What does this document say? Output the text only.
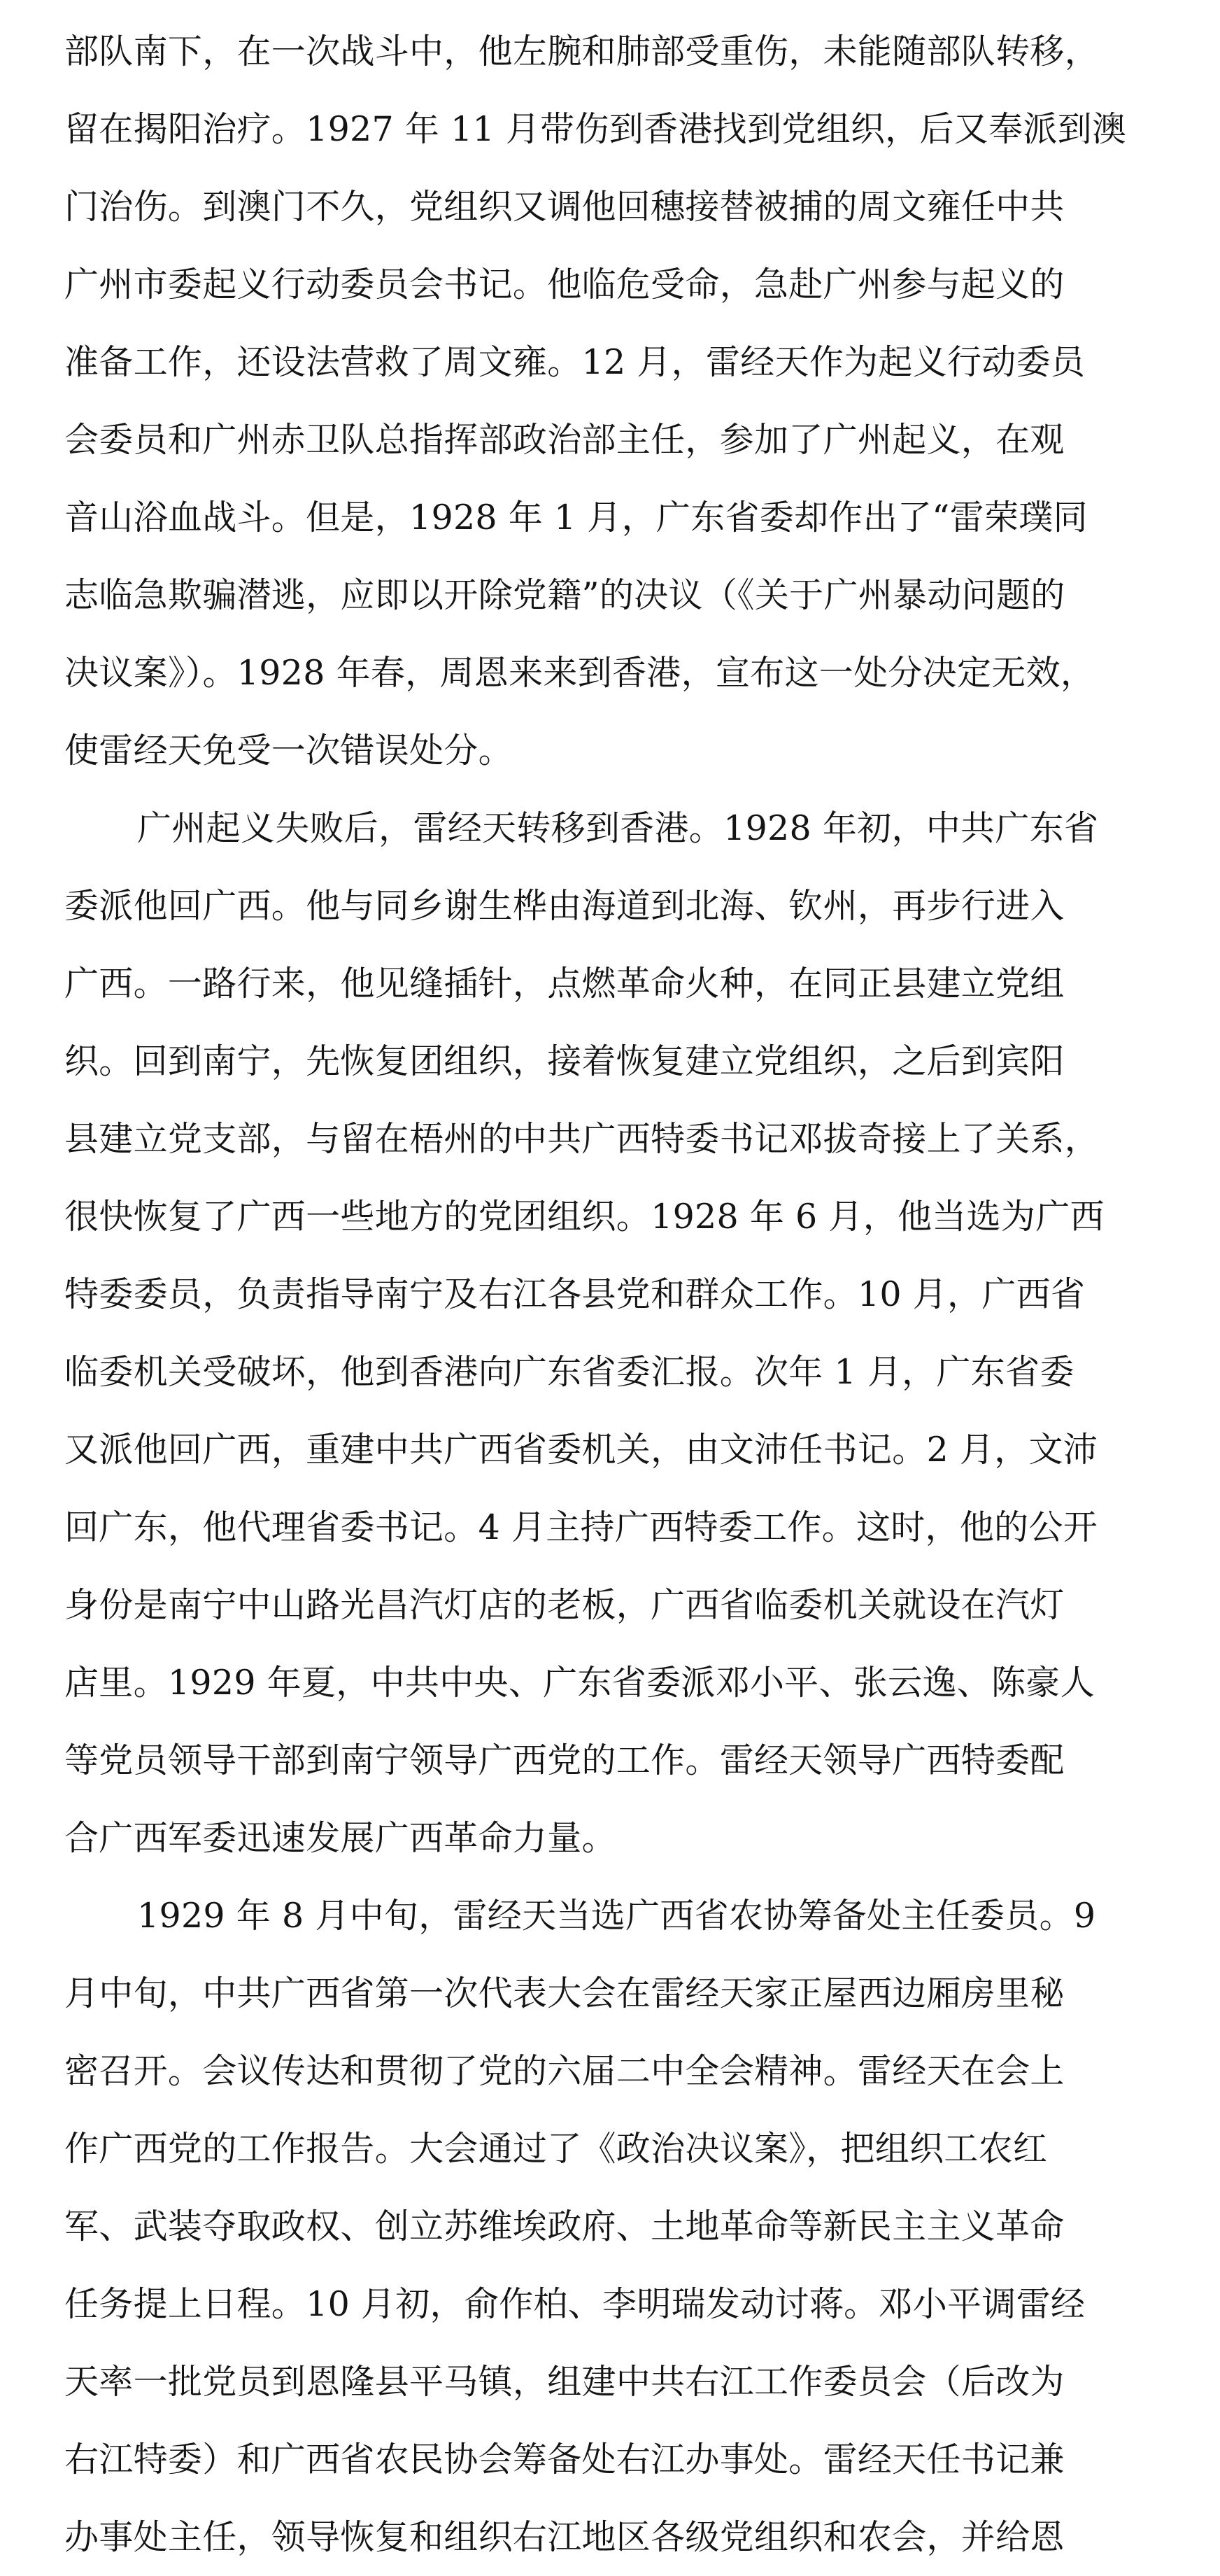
部队南下，在一次战斗中，他左腕和肺部受重伤，未能随部队转移，
留在揭阳治疗。1927 年 11 月带伤到香港找到党组织，后又奉派到澳
门治伤。到澳门不久，党组织又调他回穗接替被捕的周文雍任中共
广州市委起义行动委员会书记。他临危受命，急赴广州参与起义的
准备工作，还设法营救了周文雍。12 月，雷经天作为起义行动委员
会委员和广州赤卫队总指挥部政治部主任，参加了广州起义，在观
音山浴血战斗。但是，1928 年 1 月，广东省委却作出了“雷荣璞同
志临急欺骗潜逃，应即以开除党籍”的决议（《关于广州暴动问题的
决议案》）。1928 年春，周恩来来到香港，宣布这一处分决定无效，
使雷经天免受一次错误处分。
广州起义失败后，雷经天转移到香港。1928 年初，中共广东省
委派他回广西。他与同乡谢生桦由海道到北海、钦州，再步行进入
广西。一路行来，他见缝插针，点燃革命火种，在同正县建立党组
织。回到南宁，先恢复团组织，接着恢复建立党组织，之后到宾阳
县建立党支部，与留在梧州的中共广西特委书记邓拔奇接上了关系，
很快恢复了广西一些地方的党团组织。1928 年 6 月，他当选为广西
特委委员，负责指导南宁及右江各县党和群众工作。10 月，广西省
临委机关受破坏，他到香港向广东省委汇报。次年 1 月，广东省委
又派他回广西，重建中共广西省委机关，由文沛任书记。2 月，文沛
回广东，他代理省委书记。4 月主持广西特委工作。这时，他的公开
身份是南宁中山路光昌汽灯店的老板，广西省临委机关就设在汽灯
店里。1929 年夏，中共中央、广东省委派邓小平、张云逸、陈豪人
等党员领导干部到南宁领导广西党的工作。雷经天领导广西特委配
合广西军委迅速发展广西革命力量。
1929 年 8 月中旬，雷经天当选广西省农协筹备处主任委员。9
月中旬，中共广西省第一次代表大会在雷经天家正屋西边厢房里秘
密召开。会议传达和贯彻了党的六届二中全会精神。雷经天在会上
作广西党的工作报告。大会通过了《政治决议案》，把组织工农红
军、武装夺取政权、创立苏维埃政府、土地革命等新民主主义革命
任务提上日程。10 月初，俞作柏、李明瑞发动讨蒋。邓小平调雷经
天率一批党员到恩隆县平马镇，组建中共右江工作委员会（后改为
右江特委）和广西省农民协会筹备处右江办事处。雷经天任书记兼
办事处主任，领导恢复和组织右江地区各级党组织和农会，并给恩
